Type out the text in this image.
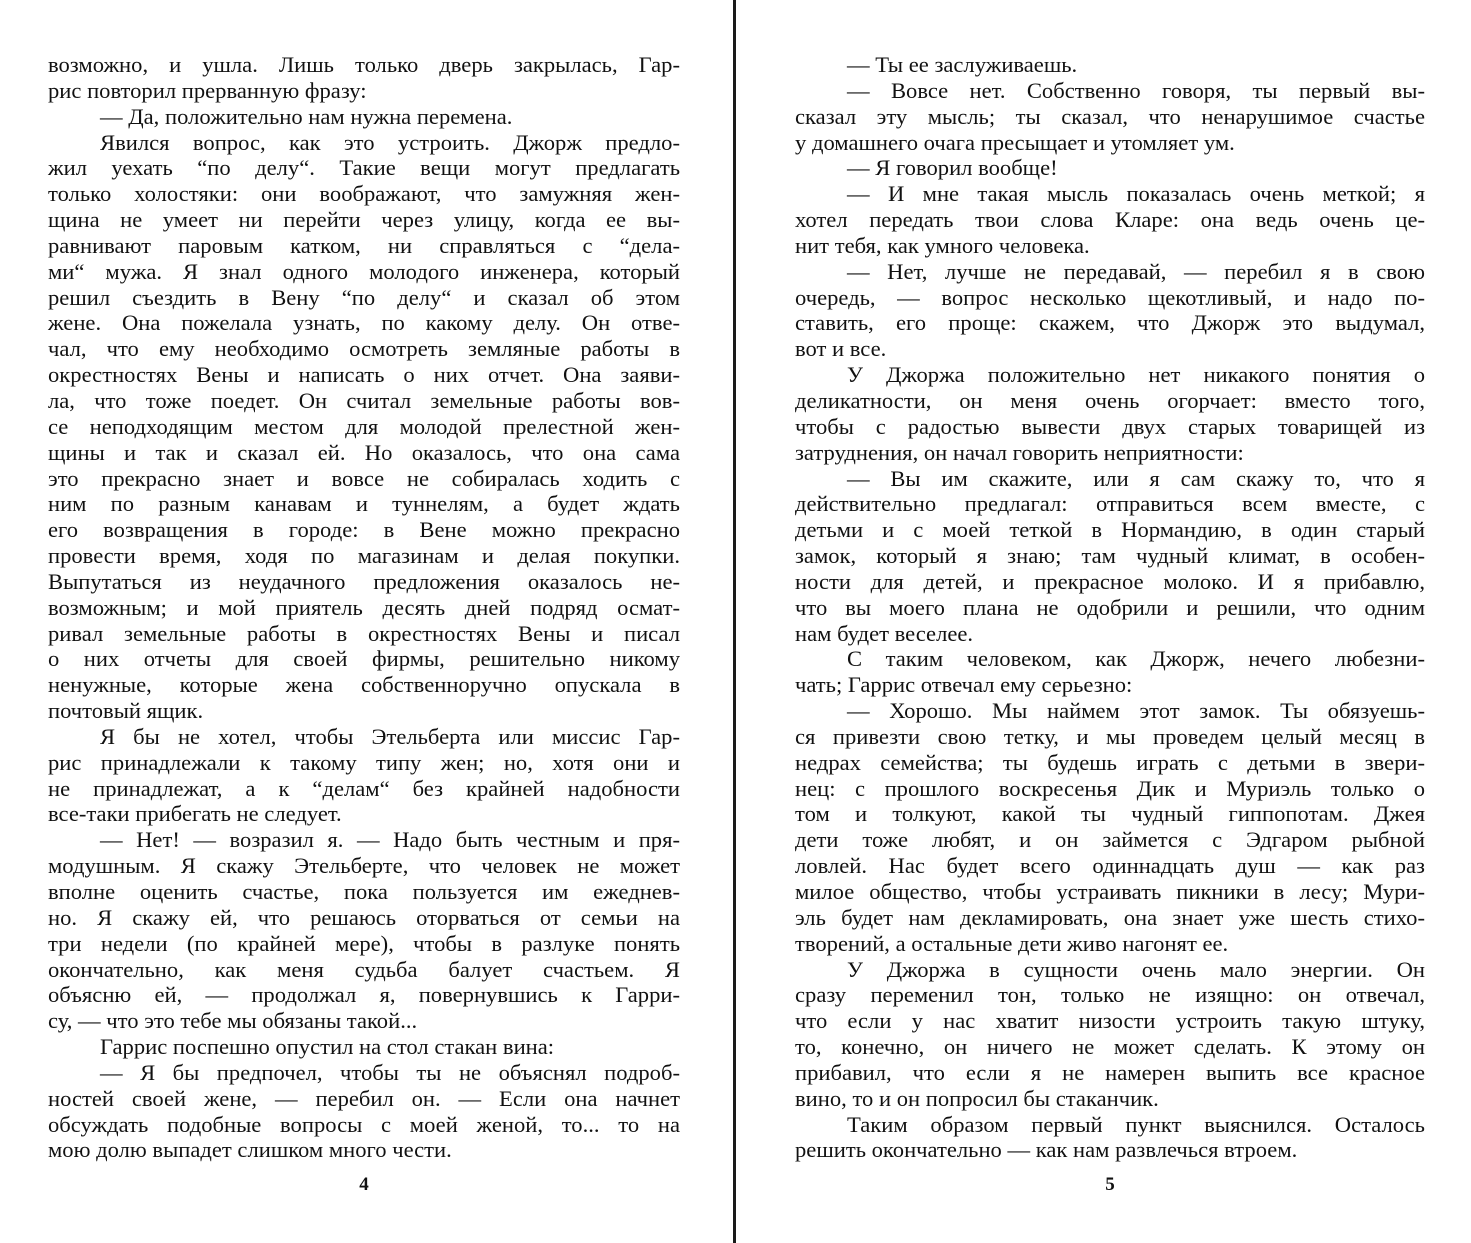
возможно, и ушла. Лишь только дверь закрылась, Гар-
рис повторил прерванную фразу:
— Да, положительно нам нужна перемена.
Явился вопрос, как это устроить. Джорж предло-
жил уехать “по делу“. Такие вещи могут предлагать
только холостяки: они воображают, что замужняя жен-
щина не умеет ни перейти через улицу, когда ее вы-
равнивают паровым катком, ни справляться с “дела-
ми“ мужа. Я знал одного молодого инженера, который
решил съездить в Вену “по делу“ и сказал об этом
жене. Она пожелала узнать, по какому делу. Он отве-
чал, что ему необходимо осмотреть земляные работы в
окрестностях Вены и написать о них отчет. Она заяви-
ла, что тоже поедет. Он считал земельные работы вов-
се неподходящим местом для молодой прелестной жен-
щины и так и сказал ей. Но оказалось, что она сама
это прекрасно знает и вовсе не собиралась ходить с
ним по разным канавам и туннелям, а будет ждать
его возвращения в городе: в Вене можно прекрасно
провести время, ходя по магазинам и делая покупки.
Выпутаться из неудачного предложения оказалось не-
возможным; и мой приятель десять дней подряд осмат-
ривал земельные работы в окрестностях Вены и писал
о них отчеты для своей фирмы, решительно никому
ненужные, которые жена собственноручно опускала в
почтовый ящик.
Я бы не хотел, чтобы Этельберта или миссис Гар-
рис принадлежали к такому типу жен; но, хотя они и
не принадлежат, а к “делам“ без крайней надобности
все-таки прибегать не следует.
— Нет! — возразил я. — Надо быть честным и пря-
модушным. Я скажу Этельберте, что человек не может
вполне оценить счастье, пока пользуется им ежеднев-
но. Я скажу ей, что решаюсь оторваться от семьи на
три недели (по крайней мере), чтобы в разлуке понять
окончательно, как меня судьба балует счастьем. Я
объясню ей, — продолжал я, повернувшись к Гарри-
су, — что это тебе мы обязаны такой...
Гаррис поспешно опустил на стол стакан вина:
— Я бы предпочел, чтобы ты не объяснял подроб-
ностей своей жене, — перебил он. — Если она начнет
обсуждать подобные вопросы с моей женой, то... то на
мою долю выпадет слишком много чести.
4
— Ты ее заслуживаешь.
— Вовсе нет. Собственно говоря, ты первый вы-
сказал эту мысль; ты сказал, что ненарушимое счастье
у домашнего очага пресыщает и утомляет ум.
— Я говорил вообще!
— И мне такая мысль показалась очень меткой; я
хотел передать твои слова Кларе: она ведь очень це-
нит тебя, как умного человека.
— Нет, лучше не передавай, — перебил я в свою
очередь, — вопрос несколько щекотливый, и надо по-
ставить, его проще: скажем, что Джорж это выдумал,
вот и все.
У Джоржа положительно нет никакого понятия о
деликатности, он меня очень огорчает: вместо того,
чтобы с радостью вывести двух старых товарищей из
затруднения, он начал говорить неприятности:
— Вы им скажите, или я сам скажу то, что я
действительно предлагал: отправиться всем вместе, с
детьми и с моей теткой в Нормандию, в один старый
замок, который я знаю; там чудный климат, в особен-
ности для детей, и прекрасное молоко. И я прибавлю,
что вы моего плана не одобрили и решили, что одним
нам будет веселее.
С таким человеком, как Джорж, нечего любезни-
чать; Гаррис отвечал ему серьезно:
— Хорошо. Мы наймем этот замок. Ты обязуешь-
ся привезти свою тетку, и мы проведем целый месяц в
недрах семейства; ты будешь играть с детьми в звери-
нец: с прошлого воскресенья Дик и Муриэль только о
том и толкуют, какой ты чудный гиппопотам. Джея
дети тоже любят, и он займется с Эдгаром рыбной
ловлей. Нас будет всего одиннадцать душ — как раз
милое общество, чтобы устраивать пикники в лесу; Мури-
эль будет нам декламировать, она знает уже шесть стихо-
творений, а остальные дети живо нагонят ее.
У Джоржа в сущности очень мало энергии. Он
сразу переменил тон, только не изящно: он отвечал,
что если у нас хватит низости устроить такую штуку,
то, конечно, он ничего не может сделать. К этому он
прибавил, что если я не намерен выпить все красное
вино, то и он попросил бы стаканчик.
Таким образом первый пункт выяснился. Осталось
решить окончательно — как нам развлечься втроем.
5
